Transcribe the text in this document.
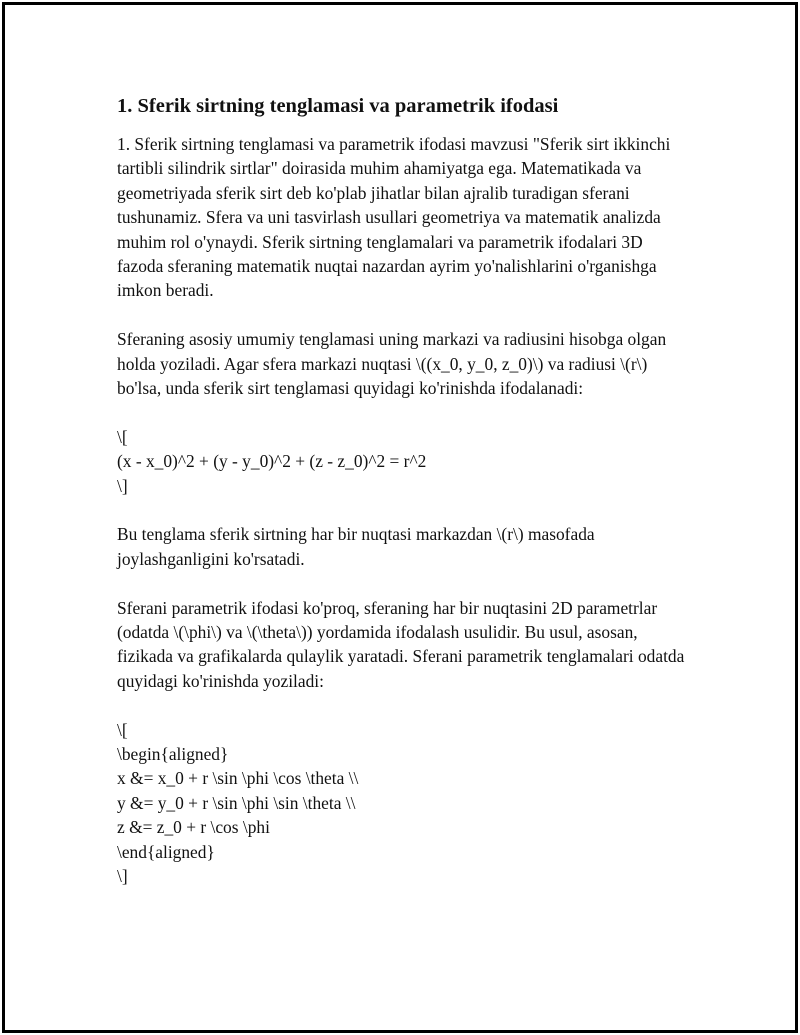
1. Sferik sirtning tenglamasi va parametrik ifodasi

1. Sferik sirtning tenglamasi va parametrik ifodasi mavzusi "Sferik sirt ikkinchi tartibli silindrik sirtlar" doirasida muhim ahamiyatga ega. Matematikada va geometriyada sferik sirt deb ko'plab jihatlar bilan ajralib turadigan sferani tushunamiz. Sfera va uni tasvirlash usullari geometriya va matematik analizda muhim rol o'ynaydi. Sferik sirtning tenglamalari va parametrik ifodalari 3D fazoda sferaning matematik nuqtai nazardan ayrim yo'nalishlarini o'rganishga imkon beradi.

Sferaning asosiy umumiy tenglamasi uning markazi va radiusini hisobga olgan holda yoziladi. Agar sfera markazi nuqtasi \((x_0, y_0, z_0)\) va radiusi \(r\) bo'lsa, unda sferik sirt tenglamasi quyidagi ko'rinishda ifodalanadi:

\[
(x - x_0)^2 + (y - y_0)^2 + (z - z_0)^2 = r^2
\]

Bu tenglama sferik sirtning har bir nuqtasi markazdan \(r\) masofada joylashganligini ko'rsatadi.

Sferani parametrik ifodasi ko'proq, sferaning har bir nuqtasini 2D parametrlar (odatda \(\phi\) va \(\theta\)) yordamida ifodalash usulidir. Bu usul, asosan, fizikada va grafikalarda qulaylik yaratadi. Sferani parametrik tenglamalari odatda quyidagi ko'rinishda yoziladi:

\[
\begin{aligned}
x &= x_0 + r \sin \phi \cos \theta \\
y &= y_0 + r \sin \phi \sin \theta \\
z &= z_0 + r \cos \phi
\end{aligned}
\]
